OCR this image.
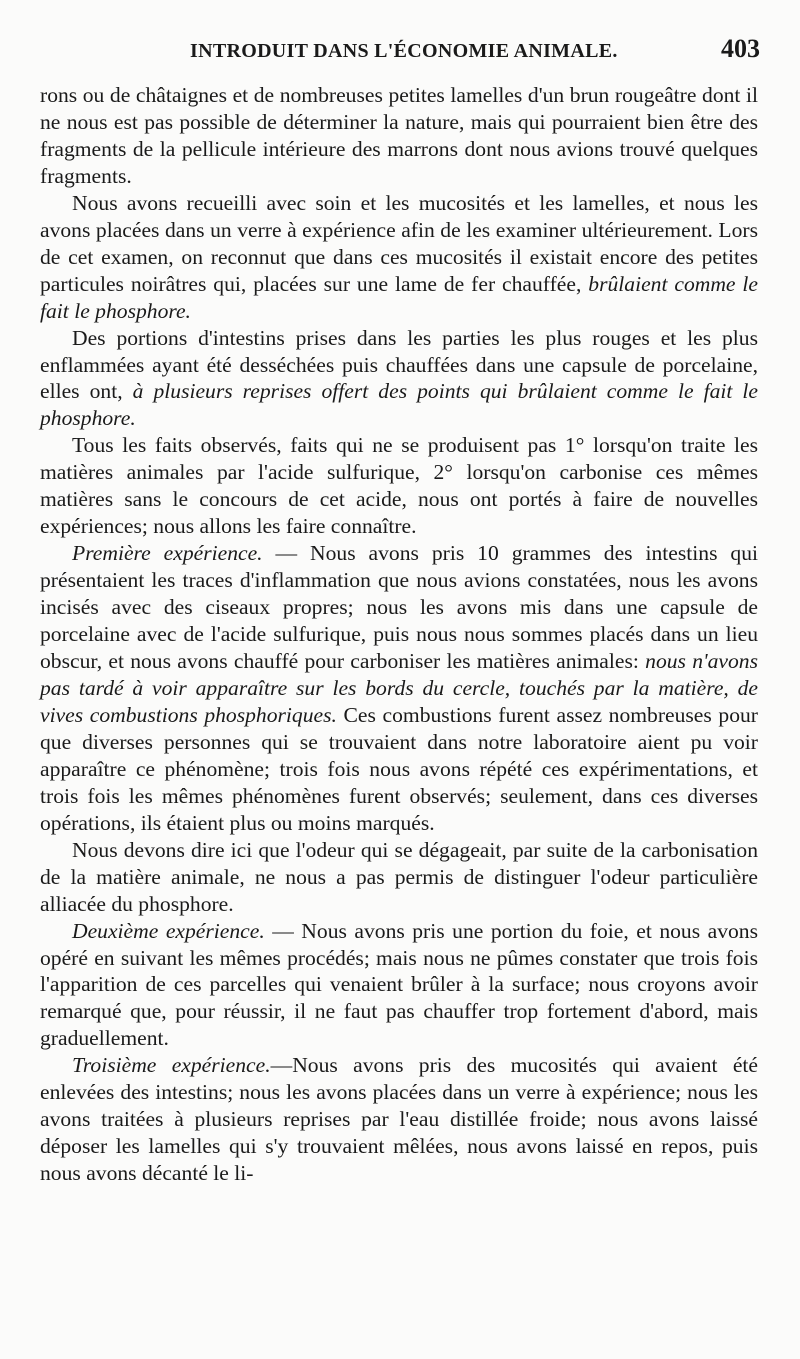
INTRODUIT DANS L'ÉCONOMIE ANIMALE.	403

rons ou de châtaignes et de nombreuses petites lamelles d'un brun rougeâtre dont il ne nous est pas possible de déterminer la nature, mais qui pourraient bien être des fragments de la pellicule intérieure des marrons dont nous avions trouvé quelques fragments.

Nous avons recueilli avec soin et les mucosités et les lamelles, et nous les avons placées dans un verre à expérience afin de les examiner ultérieurement. Lors de cet examen, on reconnut que dans ces mucosités il existait encore des petites particules noirâtres qui, placées sur une lame de fer chauffée, brûlaient comme le fait le phosphore.

Des portions d'intestins prises dans les parties les plus rouges et les plus enflammées ayant été desséchées puis chauffées dans une capsule de porcelaine, elles ont, à plusieurs reprises offert des points qui brûlaient comme le fait le phosphore.

Tous les faits observés, faits qui ne se produisent pas 1° lorsqu'on traite les matières animales par l'acide sulfurique, 2° lorsqu'on carbonise ces mêmes matières sans le concours de cet acide, nous ont portés à faire de nouvelles expériences; nous allons les faire connaître.

Première expérience. — Nous avons pris 10 grammes des intestins qui présentaient les traces d'inflammation que nous avions constatées, nous les avons incisés avec des ciseaux propres; nous les avons mis dans une capsule de porcelaine avec de l'acide sulfurique, puis nous nous sommes placés dans un lieu obscur, et nous avons chauffé pour carboniser les matières animales: nous n'avons pas tardé à voir apparaître sur les bords du cercle, touchés par la matière, de vives combustions phosphoriques. Ces combustions furent assez nombreuses pour que diverses personnes qui se trouvaient dans notre laboratoire aient pu voir apparaître ce phénomène; trois fois nous avons répété ces expérimentations, et trois fois les mêmes phénomènes furent observés; seulement, dans ces diverses opérations, ils étaient plus ou moins marqués.

Nous devons dire ici que l'odeur qui se dégageait, par suite de la carbonisation de la matière animale, ne nous a pas permis de distinguer l'odeur particulière alliacée du phosphore.

Deuxième expérience. — Nous avons pris une portion du foie, et nous avons opéré en suivant les mêmes procédés; mais nous ne pûmes constater que trois fois l'apparition de ces parcelles qui venaient brûler à la surface; nous croyons avoir remarqué que, pour réussir, il ne faut pas chauffer trop fortement d'abord, mais graduellement.

Troisième expérience.—Nous avons pris des mucosités qui avaient été enlevées des intestins; nous les avons placées dans un verre à expérience; nous les avons traitées à plusieurs reprises par l'eau distillée froide; nous avons laissé déposer les lamelles qui s'y trouvaient mêlées, nous avons laissé en repos, puis nous avons décanté le li-
